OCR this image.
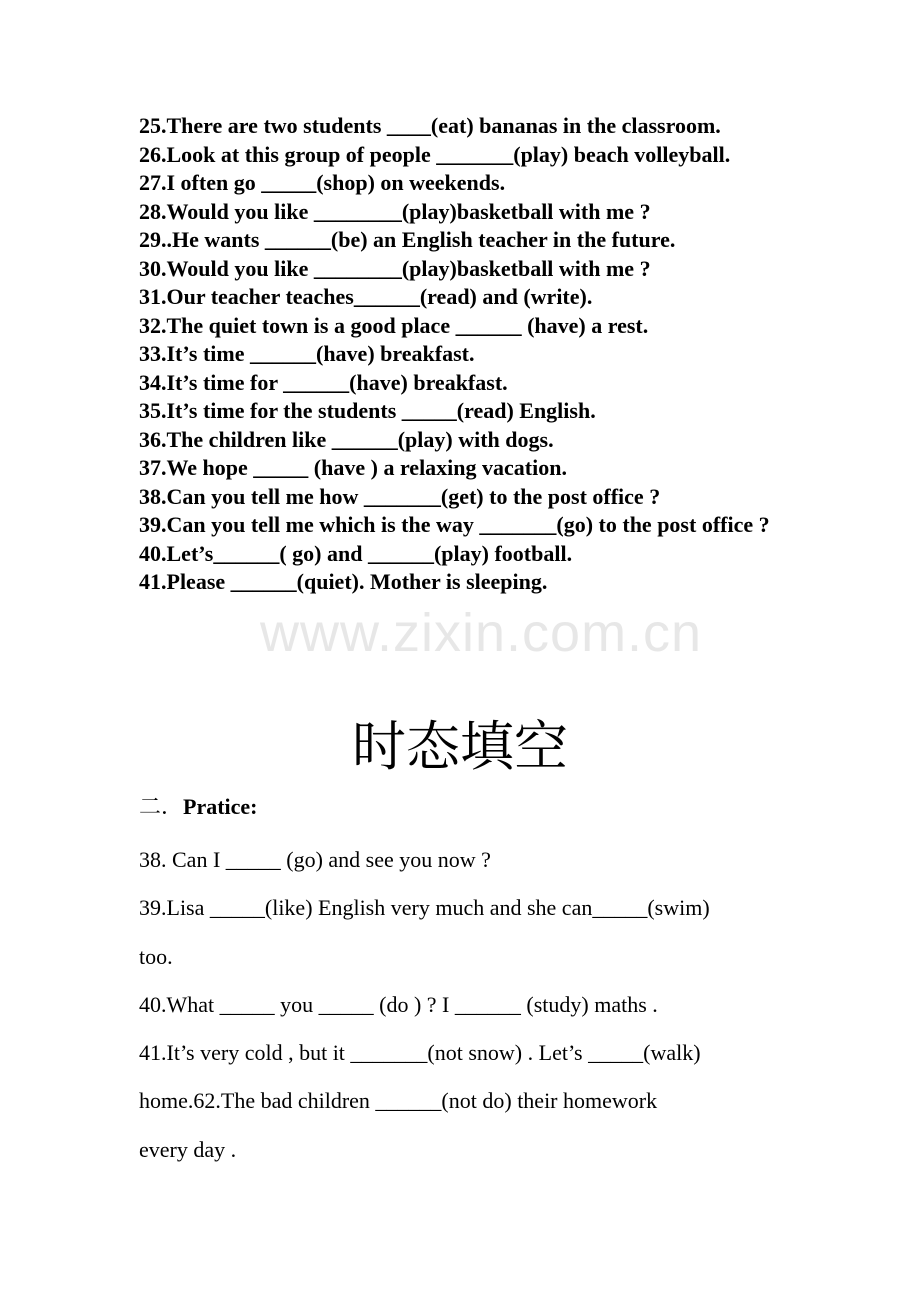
25.There are two students ____(eat) bananas in the classroom.
26.Look at this group of people _______(play) beach volleyball.
27.I often go _____(shop) on weekends.
28.Would you like ________(play)basketball with me ?
29..He wants ______(be) an English teacher in the future.
30.Would you like ________(play)basketball with me ?
31.Our teacher teaches______(read) and (write).
32.The quiet town is a good place ______ (have) a rest.
33.It’s time ______(have) breakfast.
34.It’s time for ______(have) breakfast.
35.It’s time for the students _____(read) English.
36.The children like ______(play) with dogs.
37.We hope _____ (have ) a relaxing vacation.
38.Can you tell me how _______(get) to the post office ?
39.Can you tell me which is the way _______(go) to the post office ?
40.Let’s______( go) and ______(play) football.
41.Please ______(quiet). Mother is sleeping.
www.zixin.com.cn
时态填空
二．Pratice:
38. Can I _____ (go) and see you now ?
39.Lisa _____(like) English very much and she can_____(swim)
too.
40.What _____ you _____ (do ) ? I ______ (study) maths .
41.It’s very cold , but it _______(not snow) . Let’s _____(walk)
home.62.The bad children ______(not do) their homework
every day .
